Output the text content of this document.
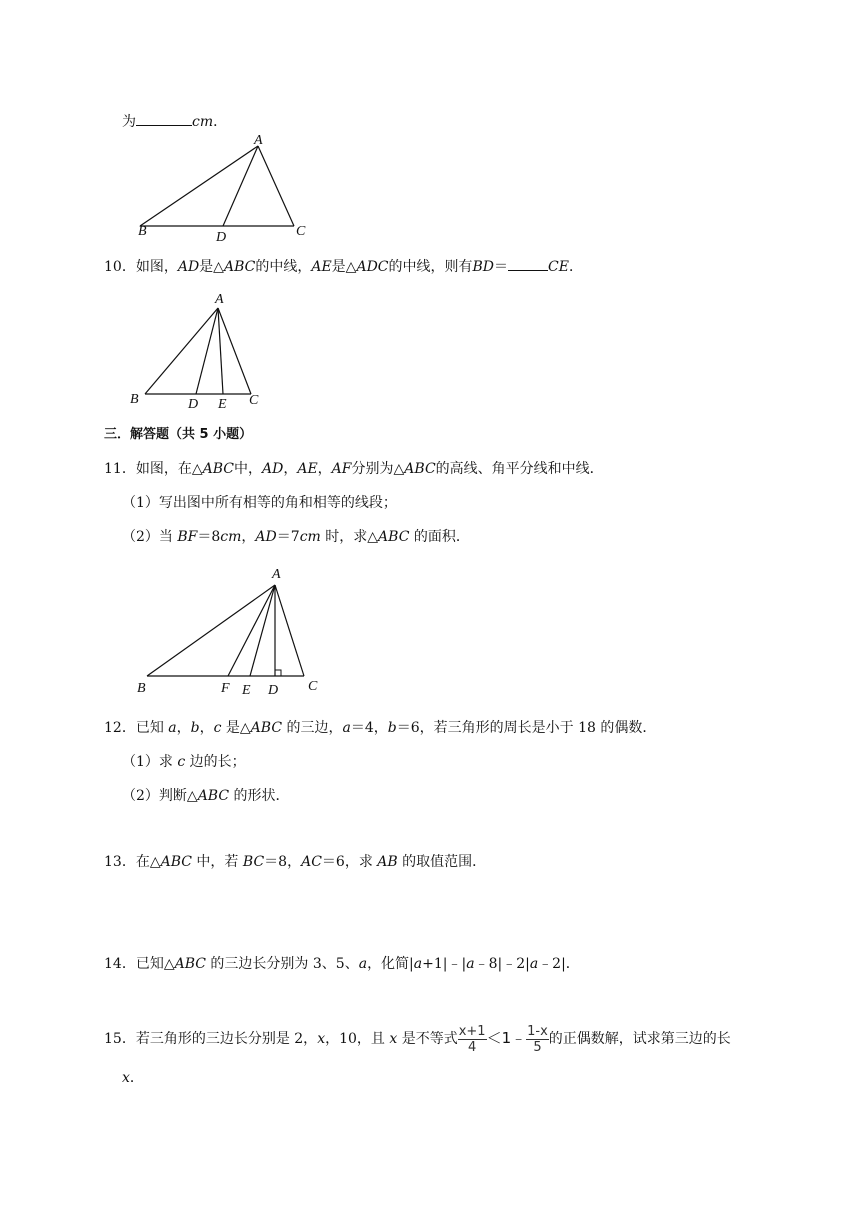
为	cm．
A
B	C
D
10．如图，AD是△ABC的中线，AE是△ADC的中线，则有BD＝	CE．
A
B	D E C
三．解答题（共 5 小题）
11．如图，在△ABC中，AD，AE，AF分别为△ABC的高线、角平分线和中线．
（1）写出图中所有相等的角和相等的线段；
（2）当 BF＝8cm，AD＝7cm 时，求△ABC 的面积．
A
B	F E D C
12．已知 a，b，c 是△ABC 的三边，a＝4，b＝6，若三角形的周长是小于 18 的偶数．
（1）求 c 边的长；
（2）判断△ABC 的形状．
13．在△ABC 中，若 BC＝8，AC＝6，求 AB 的取值范围．
14．已知△ABC 的三边长分别为 3、5、a，化简|a+1|﹣|a﹣8|﹣2|a﹣2|．
15．若三角形的三边长分别是 2，x，10，且 x 是不等式 $\frac{x+1}{4}$ ＜1﹣ $\frac{1-x}{5}$ 的正偶数解，试求第三边的长
x．
